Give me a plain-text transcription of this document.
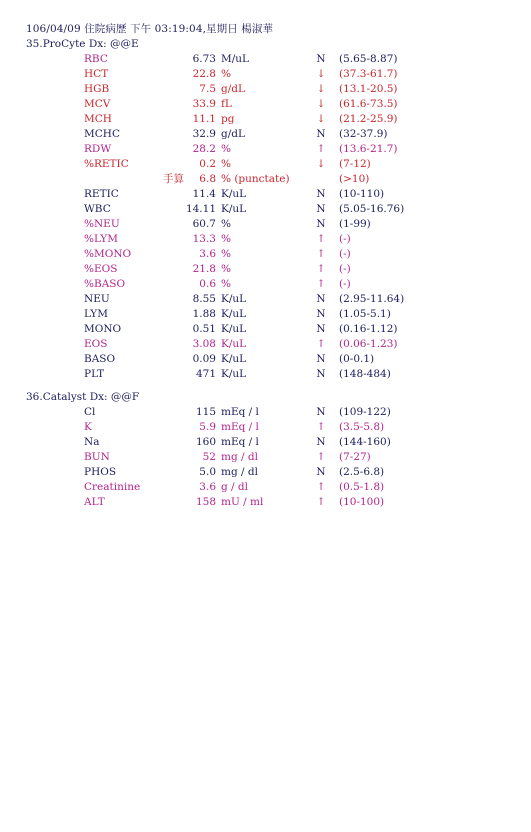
106/04/09 住院病歷 下午 03:19:04,星期日 楊淑華
35.ProCyte Dx: @@E
RBC	6.73 M/uL	N (5.65-8.87)
HCT	22.8 %	↓ (37.3-61.7)
HGB	7.5 g/dL	↓ (13.1-20.5)
MCV	33.9 fL	↓ (61.6-73.5)
MCH	11.1 pg	↓ (21.2-25.9)
MCHC	32.9 g/dL	N (32-37.9)
RDW	28.2 %	↑ (13.6-21.7)
%RETIC	0.2 %	↓ (7-12)
手算	6.8 % (punctate)	(>10)
RETIC	11.4 K/uL	N (10-110)
WBC	14.11 K/uL	N (5.05-16.76)
%NEU	60.7 %	N (1-99)
%LYM	13.3 %	↑ (-)
%MONO	3.6 %	↑ (-)
%EOS	21.8 %	↑ (-)
%BASO	0.6 %	↑ (-)
NEU	8.55 K/uL	N (2.95-11.64)
LYM	1.88 K/uL	N (1.05-5.1)
MONO	0.51 K/uL	N (0.16-1.12)
EOS	3.08 K/uL	↑ (0.06-1.23)
BASO	0.09 K/uL	N (0-0.1)
PLT	471 K/uL	N (148-484)
36.Catalyst Dx: @@F
Cl	115 mEq / l	N (109-122)
K	5.9 mEq / l	↑ (3.5-5.8)
Na	160 mEq / l	N (144-160)
BUN	52 mg / dl	↑ (7-27)
PHOS	5.0 mg / dl	N (2.5-6.8)
Creatinine	3.6 g / dl	↑ (0.5-1.8)
ALT	158 mU / ml	↑ (10-100)
